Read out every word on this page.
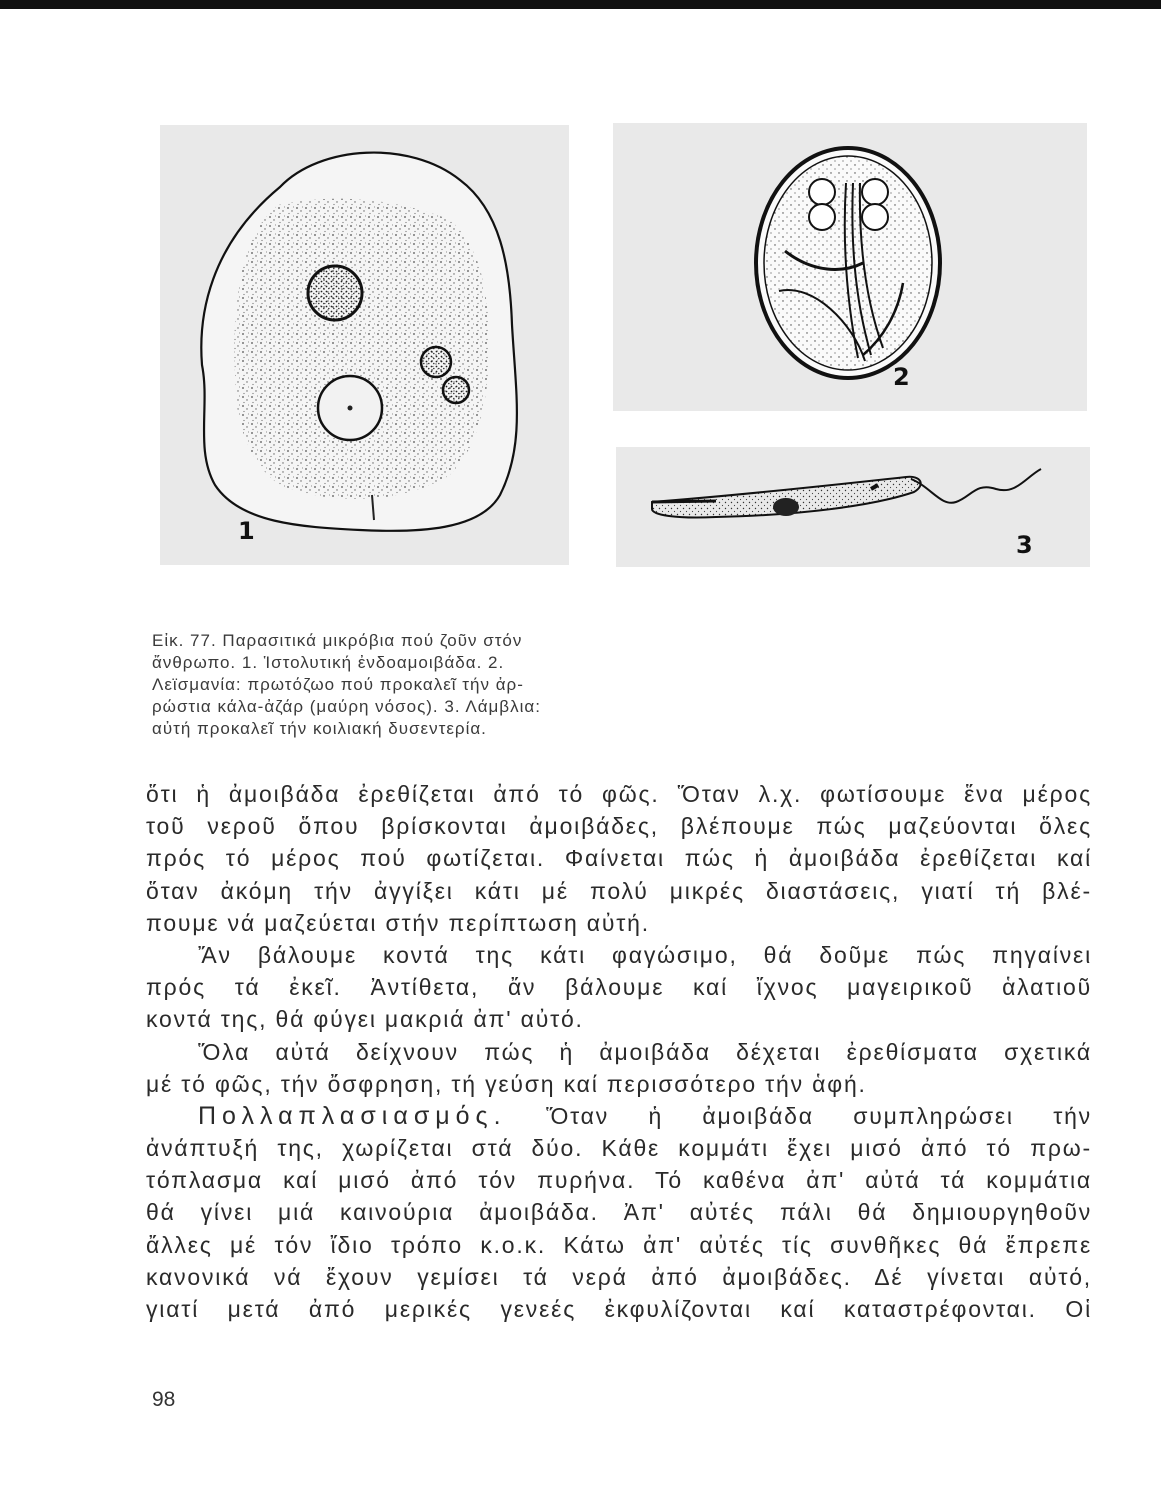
1
2
3
Εἰκ. 77. Παρασιτικά μικρόβια πού ζοῦν στόν
ἄνθρωπο. 1. Ἱστολυτική ἐνδοαμοιβάδα. 2.
Λεϊσμανία: πρωτόζωο πού προκαλεῖ τήν ἀρ-
ρώστια κάλα-ἀζάρ (μαύρη νόσος). 3. Λάμβλια:
αὐτή προκαλεῖ τήν κοιλιακή δυσεντερία.
ὅτι ἡ ἀμοιβάδα ἐρεθίζεται ἀπό τό φῶς. Ὅταν λ.χ. φωτίσουμε ἕνα μέρος
τοῦ νεροῦ ὅπου βρίσκονται ἀμοιβάδες, βλέπουμε πώς μαζεύονται ὅλες
πρός τό μέρος πού φωτίζεται. Φαίνεται πώς ἡ ἀμοιβάδα ἐρεθίζεται καί
ὅταν ἀκόμη τήν ἀγγίξει κάτι μέ πολύ μικρές διαστάσεις, γιατί τή βλέ-
πουμε νά μαζεύεται στήν περίπτωση αὐτή.
Ἄν βάλουμε κοντά της κάτι φαγώσιμο, θά δοῦμε πώς πηγαίνει
πρός τά ἐκεῖ. Ἀντίθετα, ἄν βάλουμε καί ἴχνος μαγειρικοῦ ἁλατιοῦ
κοντά της, θά φύγει μακριά ἀπ' αὐτό.
Ὅλα αὐτά δείχνουν πώς ἡ ἀμοιβάδα δέχεται ἐρεθίσματα σχετικά
μέ τό φῶς, τήν ὄσφρηση, τή γεύση καί περισσότερο τήν ἁφή.
Πολλαπλασιασμός. Ὅταν ἡ ἀμοιβάδα συμπληρώσει τήν
ἀνάπτυξή της, χωρίζεται στά δύο. Κάθε κομμάτι ἔχει μισό ἀπό τό πρω-
τόπλασμα καί μισό ἀπό τόν πυρήνα. Τό καθένα ἀπ' αὐτά τά κομμάτια
θά γίνει μιά καινούρια ἀμοιβάδα. Ἀπ' αὐτές πάλι θά δημιουργηθοῦν
ἄλλες μέ τόν ἴδιο τρόπο κ.ο.κ. Κάτω ἀπ' αὐτές τίς συνθῆκες θά ἔπρεπε
κανονικά νά ἔχουν γεμίσει τά νερά ἀπό ἀμοιβάδες. Δέ γίνεται αὐτό,
γιατί μετά ἀπό μερικές γενεές ἐκφυλίζονται καί καταστρέφονται. Οἱ
98
